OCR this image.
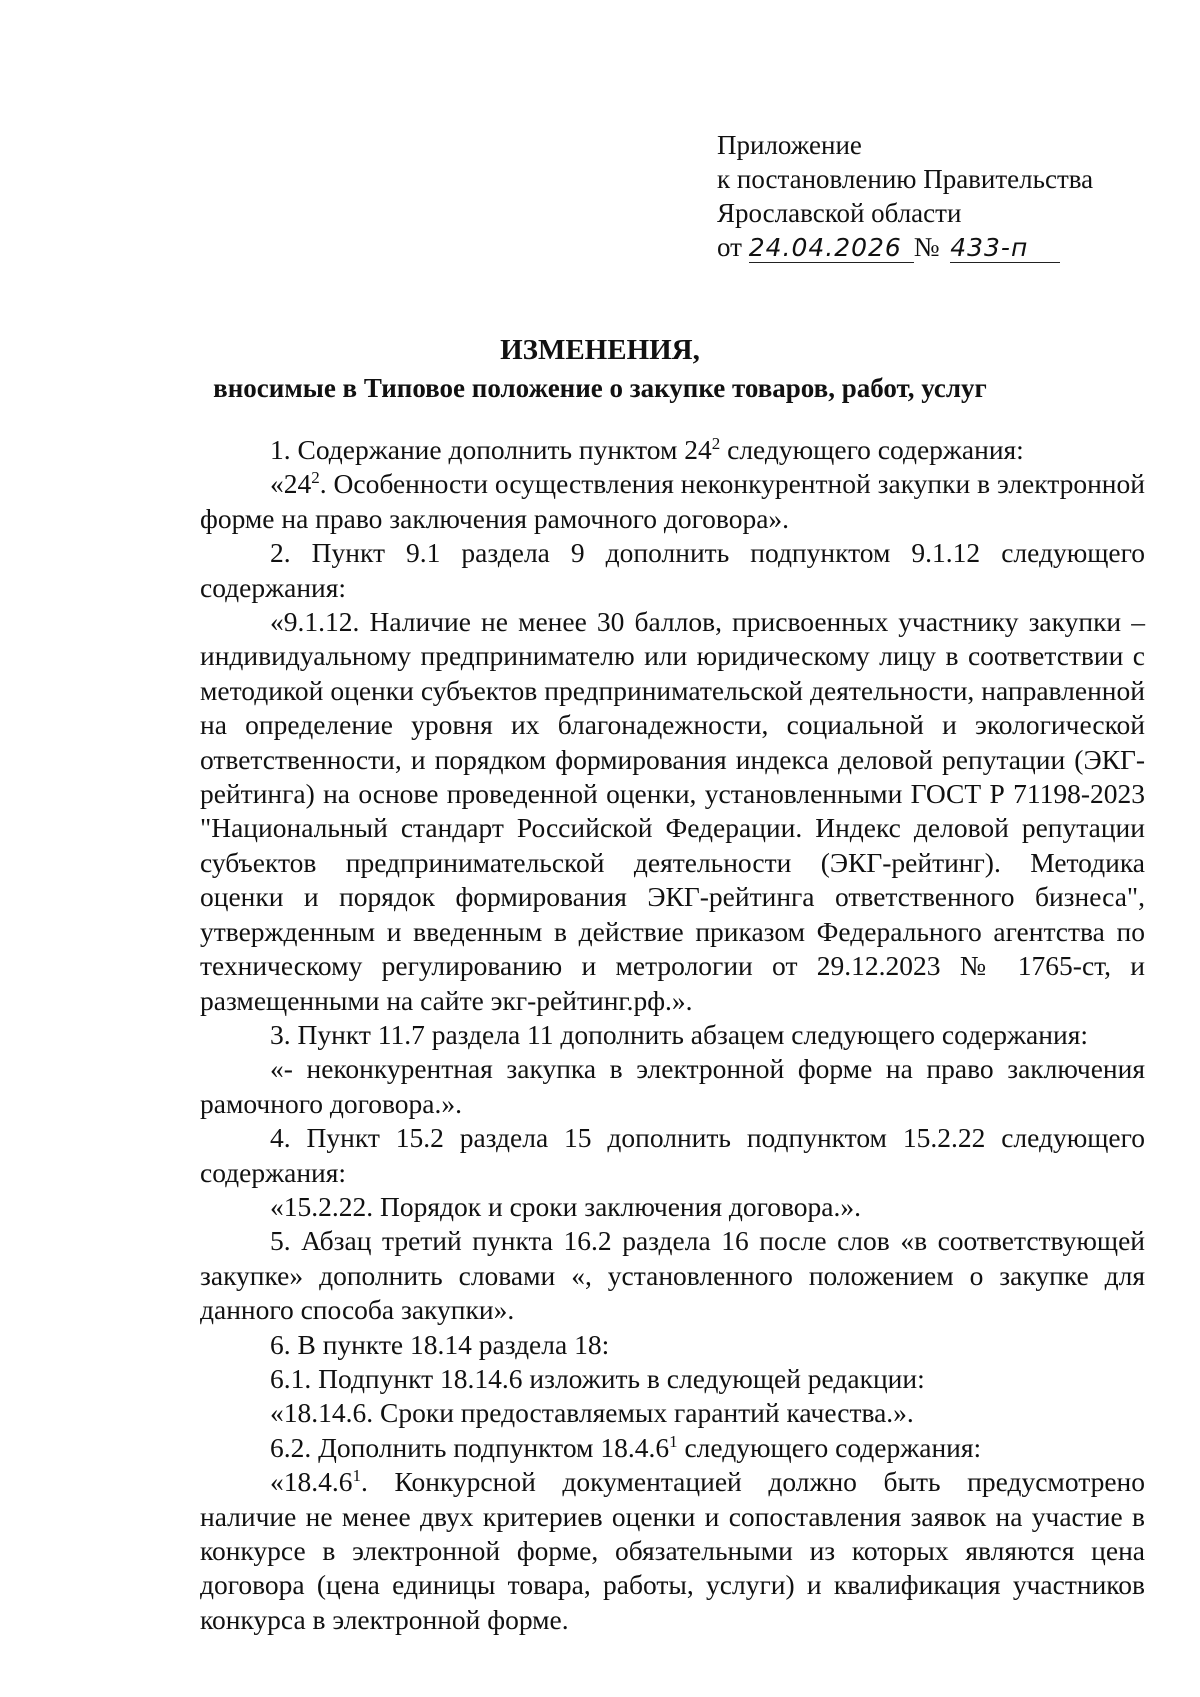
Приложение
к постановлению Правительства
Ярославской области
от 24.04.2026 № 433-п
ИЗМЕНЕНИЯ,
вносимые в Типовое положение о закупке товаров, работ, услуг

1. Содержание дополнить пунктом $24^2$ следующего содержания:

«$24^2$. Особенности осуществления неконкурентной закупки в электронной форме на право заключения рамочного договора».

2. Пункт 9.1 раздела 9 дополнить подпунктом 9.1.12 следующего содержания:

«9.1.12. Наличие не менее 30 баллов, присвоенных участнику закупки – индивидуальному предпринимателю или юридическому лицу в соответствии с методикой оценки субъектов предпринимательской деятельности, направленной на определение уровня их благонадежности, социальной и экологической ответственности, и порядком формирования индекса деловой репутации (ЭКГ-рейтинга) на основе проведенной оценки, установленными ГОСТ Р 71198-2023 "Национальный стандарт Российской Федерации. Индекс деловой репутации субъектов предпринимательской деятельности (ЭКГ-рейтинг). Методика оценки и порядок формирования ЭКГ-рейтинга ответственного бизнеса", утвержденным и введенным в действие приказом Федерального агентства по техническому регулированию и метрологии от 29.12.2023 № 1765-ст, и размещенными на сайте экг-рейтинг.рф.».

3. Пункт 11.7 раздела 11 дополнить абзацем следующего содержания:

«- неконкурентная закупка в электронной форме на право заключения рамочного договора.».

4. Пункт 15.2 раздела 15 дополнить подпунктом 15.2.22 следующего содержания:

«15.2.22. Порядок и сроки заключения договора.».

5. Абзац третий пункта 16.2 раздела 16 после слов «в соответствующей закупке» дополнить словами «, установленного положением о закупке для данного способа закупки».

6. В пункте 18.14 раздела 18:

6.1. Подпункт 18.14.6 изложить в следующей редакции:

«18.14.6. Сроки предоставляемых гарантий качества.».

6.2. Дополнить подпунктом 18.4.6$^1$ следующего содержания:

«18.4.6$^1$. Конкурсной документацией должно быть предусмотрено наличие не менее двух критериев оценки и сопоставления заявок на участие в конкурсе в электронной форме, обязательными из которых являются цена договора (цена единицы товара, работы, услуги) и квалификация участников конкурса в электронной форме.
